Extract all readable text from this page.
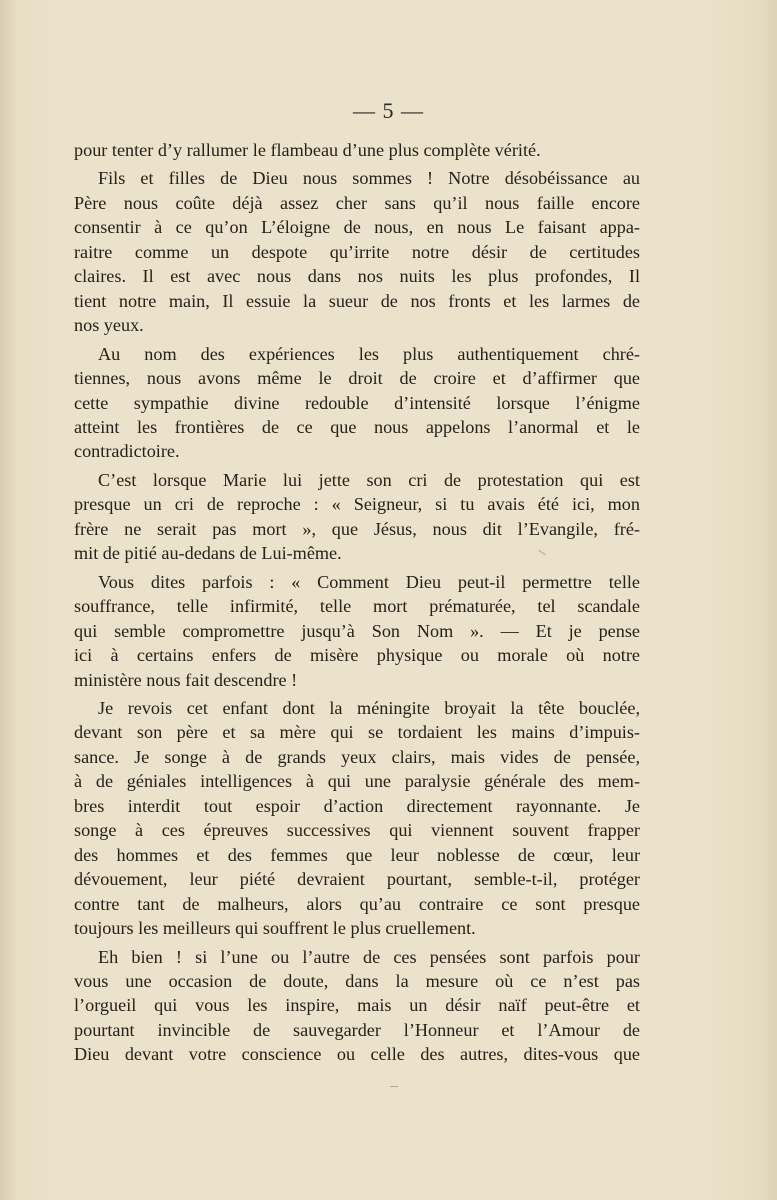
— 5 —

pour tenter d’y rallumer le flambeau d’une plus complète vérité.

Fils et filles de Dieu nous sommes ! Notre désobéissance au
Père nous coûte déjà assez cher sans qu’il nous faille encore
consentir à ce qu’on L’éloigne de nous, en nous Le faisant appa-
raitre comme un despote qu’irrite notre désir de certitudes
claires. Il est avec nous dans nos nuits les plus profondes, Il
tient notre main, Il essuie la sueur de nos fronts et les larmes de
nos yeux.

Au nom des expériences les plus authentiquement chré-
tiennes, nous avons même le droit de croire et d’affirmer que
cette sympathie divine redouble d’intensité lorsque l’énigme
atteint les frontières de ce que nous appelons l’anormal et le
contradictoire.

C’est lorsque Marie lui jette son cri de protestation qui est
presque un cri de reproche : « Seigneur, si tu avais été ici, mon
frère ne serait pas mort », que Jésus, nous dit l’Evangile, fré-
mit de pitié au-dedans de Lui-même.

Vous dites parfois : « Comment Dieu peut-il permettre telle
souffrance, telle infirmité, telle mort prématurée, tel scandale
qui semble compromettre jusqu’à Son Nom ». — Et je pense
ici à certains enfers de misère physique ou morale où notre
ministère nous fait descendre !

Je revois cet enfant dont la méningite broyait la tête bouclée,
devant son père et sa mère qui se tordaient les mains d’impuis-
sance. Je songe à de grands yeux clairs, mais vides de pensée,
à de géniales intelligences à qui une paralysie générale des mem-
bres interdit tout espoir d’action directement rayonnante. Je
songe à ces épreuves successives qui viennent souvent frapper
des hommes et des femmes que leur noblesse de cœur, leur
dévouement, leur piété devraient pourtant, semble-t-il, protéger
contre tant de malheurs, alors qu’au contraire ce sont presque
toujours les meilleurs qui souffrent le plus cruellement.

Eh bien ! si l’une ou l’autre de ces pensées sont parfois pour
vous une occasion de doute, dans la mesure où ce n’est pas
l’orgueil qui vous les inspire, mais un désir naïf peut-être et
pourtant invincible de sauvegarder l’Honneur et l’Amour de
Dieu devant votre conscience ou celle des autres, dites-vous que
